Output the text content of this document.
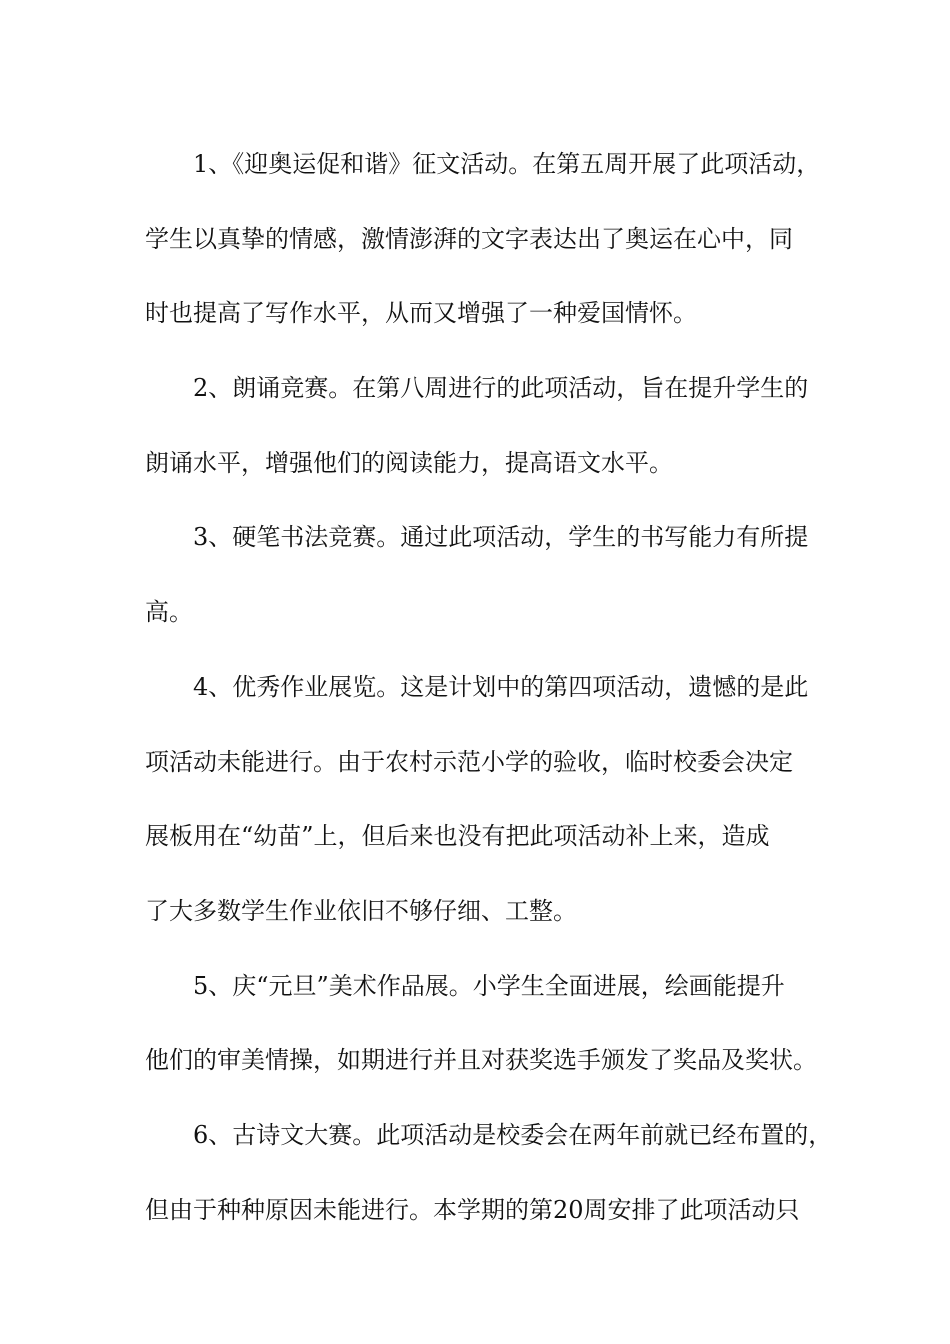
1、《迎奥运促和谐》征文活动。在第五周开展了此项活动，
学生以真挚的情感，激情澎湃的文字表达出了奥运在心中，同
时也提高了写作水平，从而又增强了一种爱国情怀。
2、朗诵竞赛。在第八周进行的此项活动，旨在提升学生的
朗诵水平，增强他们的阅读能力，提高语文水平。
3、硬笔书法竞赛。通过此项活动，学生的书写能力有所提
高。
4、优秀作业展览。这是计划中的第四项活动，遗憾的是此
项活动未能进行。由于农村示范小学的验收，临时校委会决定
展板用在“幼苗”上，但后来也没有把此项活动补上来，造成
了大多数学生作业依旧不够仔细、工整。
5、庆“元旦”美术作品展。小学生全面进展，绘画能提升
他们的审美情操，如期进行并且对获奖选手颁发了奖品及奖状。
6、古诗文大赛。此项活动是校委会在两年前就已经布置的，
但由于种种原因未能进行。本学期的第20周安排了此项活动只
